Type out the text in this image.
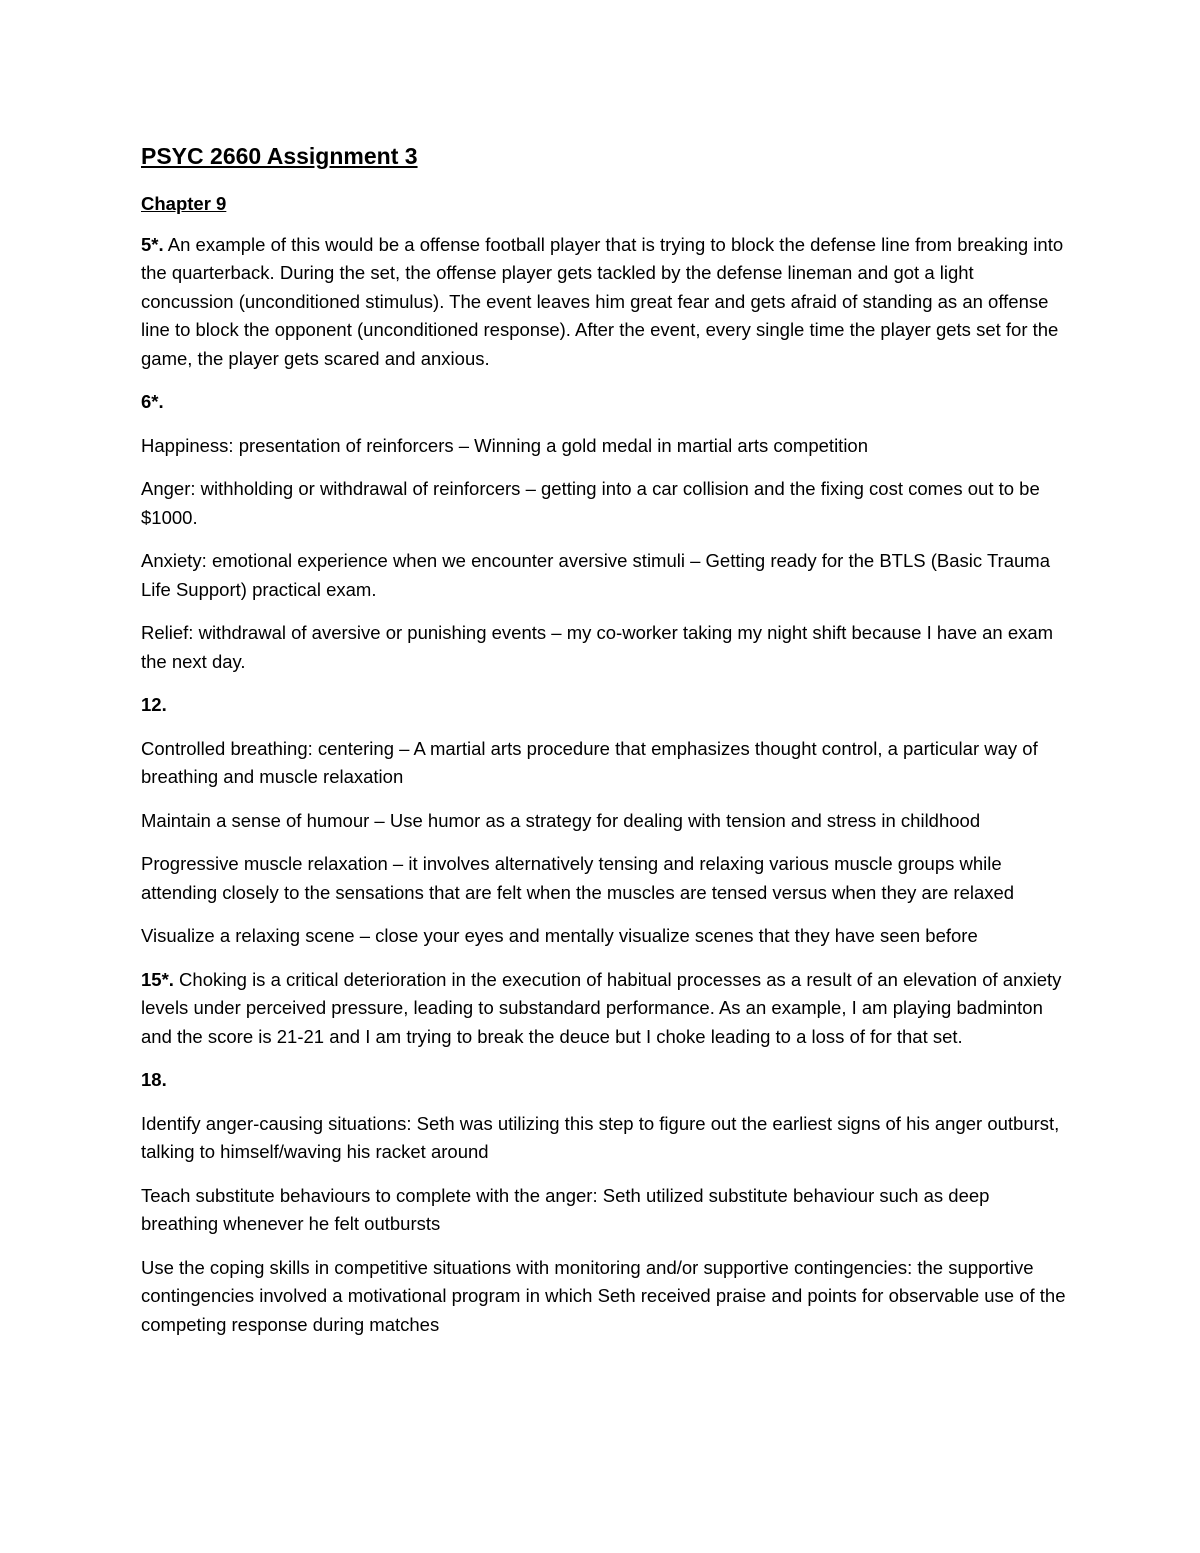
PSYC 2660 Assignment 3
Chapter 9

5*. An example of this would be a offense football player that is trying to block the defense line from breaking into the quarterback. During the set, the offense player gets tackled by the defense lineman and got a light concussion (unconditioned stimulus). The event leaves him great fear and gets afraid of standing as an offense line to block the opponent (unconditioned response). After the event, every single time the player gets set for the game, the player gets scared and anxious.

6*.

Happiness: presentation of reinforcers – Winning a gold medal in martial arts competition

Anger: withholding or withdrawal of reinforcers – getting into a car collision and the fixing cost comes out to be $1000.

Anxiety: emotional experience when we encounter aversive stimuli – Getting ready for the BTLS (Basic Trauma Life Support) practical exam.

Relief: withdrawal of aversive or punishing events – my co-worker taking my night shift because I have an exam the next day.

12.

Controlled breathing: centering – A martial arts procedure that emphasizes thought control, a particular way of breathing and muscle relaxation

Maintain a sense of humour – Use humor as a strategy for dealing with tension and stress in childhood

Progressive muscle relaxation – it involves alternatively tensing and relaxing various muscle groups while attending closely to the sensations that are felt when the muscles are tensed versus when they are relaxed

Visualize a relaxing scene – close your eyes and mentally visualize scenes that they have seen before

15*. Choking is a critical deterioration in the execution of habitual processes as a result of an elevation of anxiety levels under perceived pressure, leading to substandard performance. As an example, I am playing badminton and the score is 21-21 and I am trying to break the deuce but I choke leading to a loss of for that set.

18.

Identify anger-causing situations: Seth was utilizing this step to figure out the earliest signs of his anger outburst, talking to himself/waving his racket around

Teach substitute behaviours to complete with the anger: Seth utilized substitute behaviour such as deep breathing whenever he felt outbursts

Use the coping skills in competitive situations with monitoring and/or supportive contingencies: the supportive contingencies involved a motivational program in which Seth received praise and points for observable use of the competing response during matches
